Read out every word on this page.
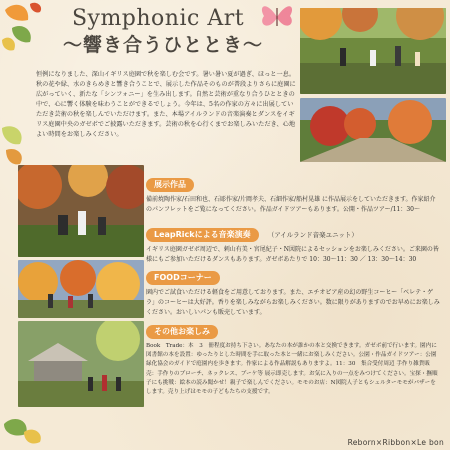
Symphonic Art
〜響き合うひととき〜
恒例になりました、深山イギリス庭園で秋を楽しむ会です。暑い暑い夏が過ぎ、ほっと一息。秋の花や緑、水のきらめきと響き合うことで、展示した作品そのものが普段よりさらに庭園に広がっていく、新たな「シンフォニー」を生み出します。自然と芸術が重なり合うひとときの中で、心に響く体験を味わうことができるでしょう。今年は、5名の作家の方々に出展していただき芸術の秋を楽しんでいただけます。また、本場アイルランドの音楽演奏とダンスをイギリス庭園中央のガゼボでご披露いただきます。芸術の秋を心行くまでお楽しみいただき、心地よい時間をお楽しみください。
展示作品
備前焼陶作家/石田和也、石彫作家/片岡孝夫、石細作家/船村晃雄 に作品展示をしていただきます。作家紹介のパンフレットをご覧になってください。作品ガイドツアーもあります。公開・作品ツアー/11：30〜
LeapRickによる音楽演奏	（アイルランド音楽ユニット）
イギリス庭園ガゼボ周辺で、刺山有美・宮尾紀子・N図院によるセッションをお楽しみください。ご来園の皆様にもご参加いただけるダンスもあります。ガゼボあたりで 10：30〜11：30 ／ 13：30〜14：30
FOODコーナー
園内でご試食いただける軽食をご用意しております。また、エチオピア産の幻の野生コーヒー「ベレテ・ゲラ」のコーヒーは大好評。香りを楽しみながらお楽しみください。数に限りがありますのでお早めにお楽しみください。おいしいパンも販売しています。
その他お楽しみ
Book　Trade：本　3　冊程度お持ち下さい。あなたの本が誰かの本と交換できます。ガゼボ前で行います。園内に図書館の本を設置：ゆったりとした時間を手に取った本と一緒にお楽しみください。公園・作品ガイドツアー：公園緑化協会のガイドで庭園内を歩きます。作家による作品解説もありますよ。11：30　集合受付周辺 手作り雑貨販売：手作りのブローチ、ネックレス、ブーケ等 展示即売します。お気に入りの一点をみつけてください。宝探・撫順子にも挑戦：絵本の読み聞かせ！親子で楽しんでください。モモのお店：N図院人子ともシェルターモモがバザーをします。売り上げはモモの子どもたちの支援です。
Reborn×Ribbon×Le bon
